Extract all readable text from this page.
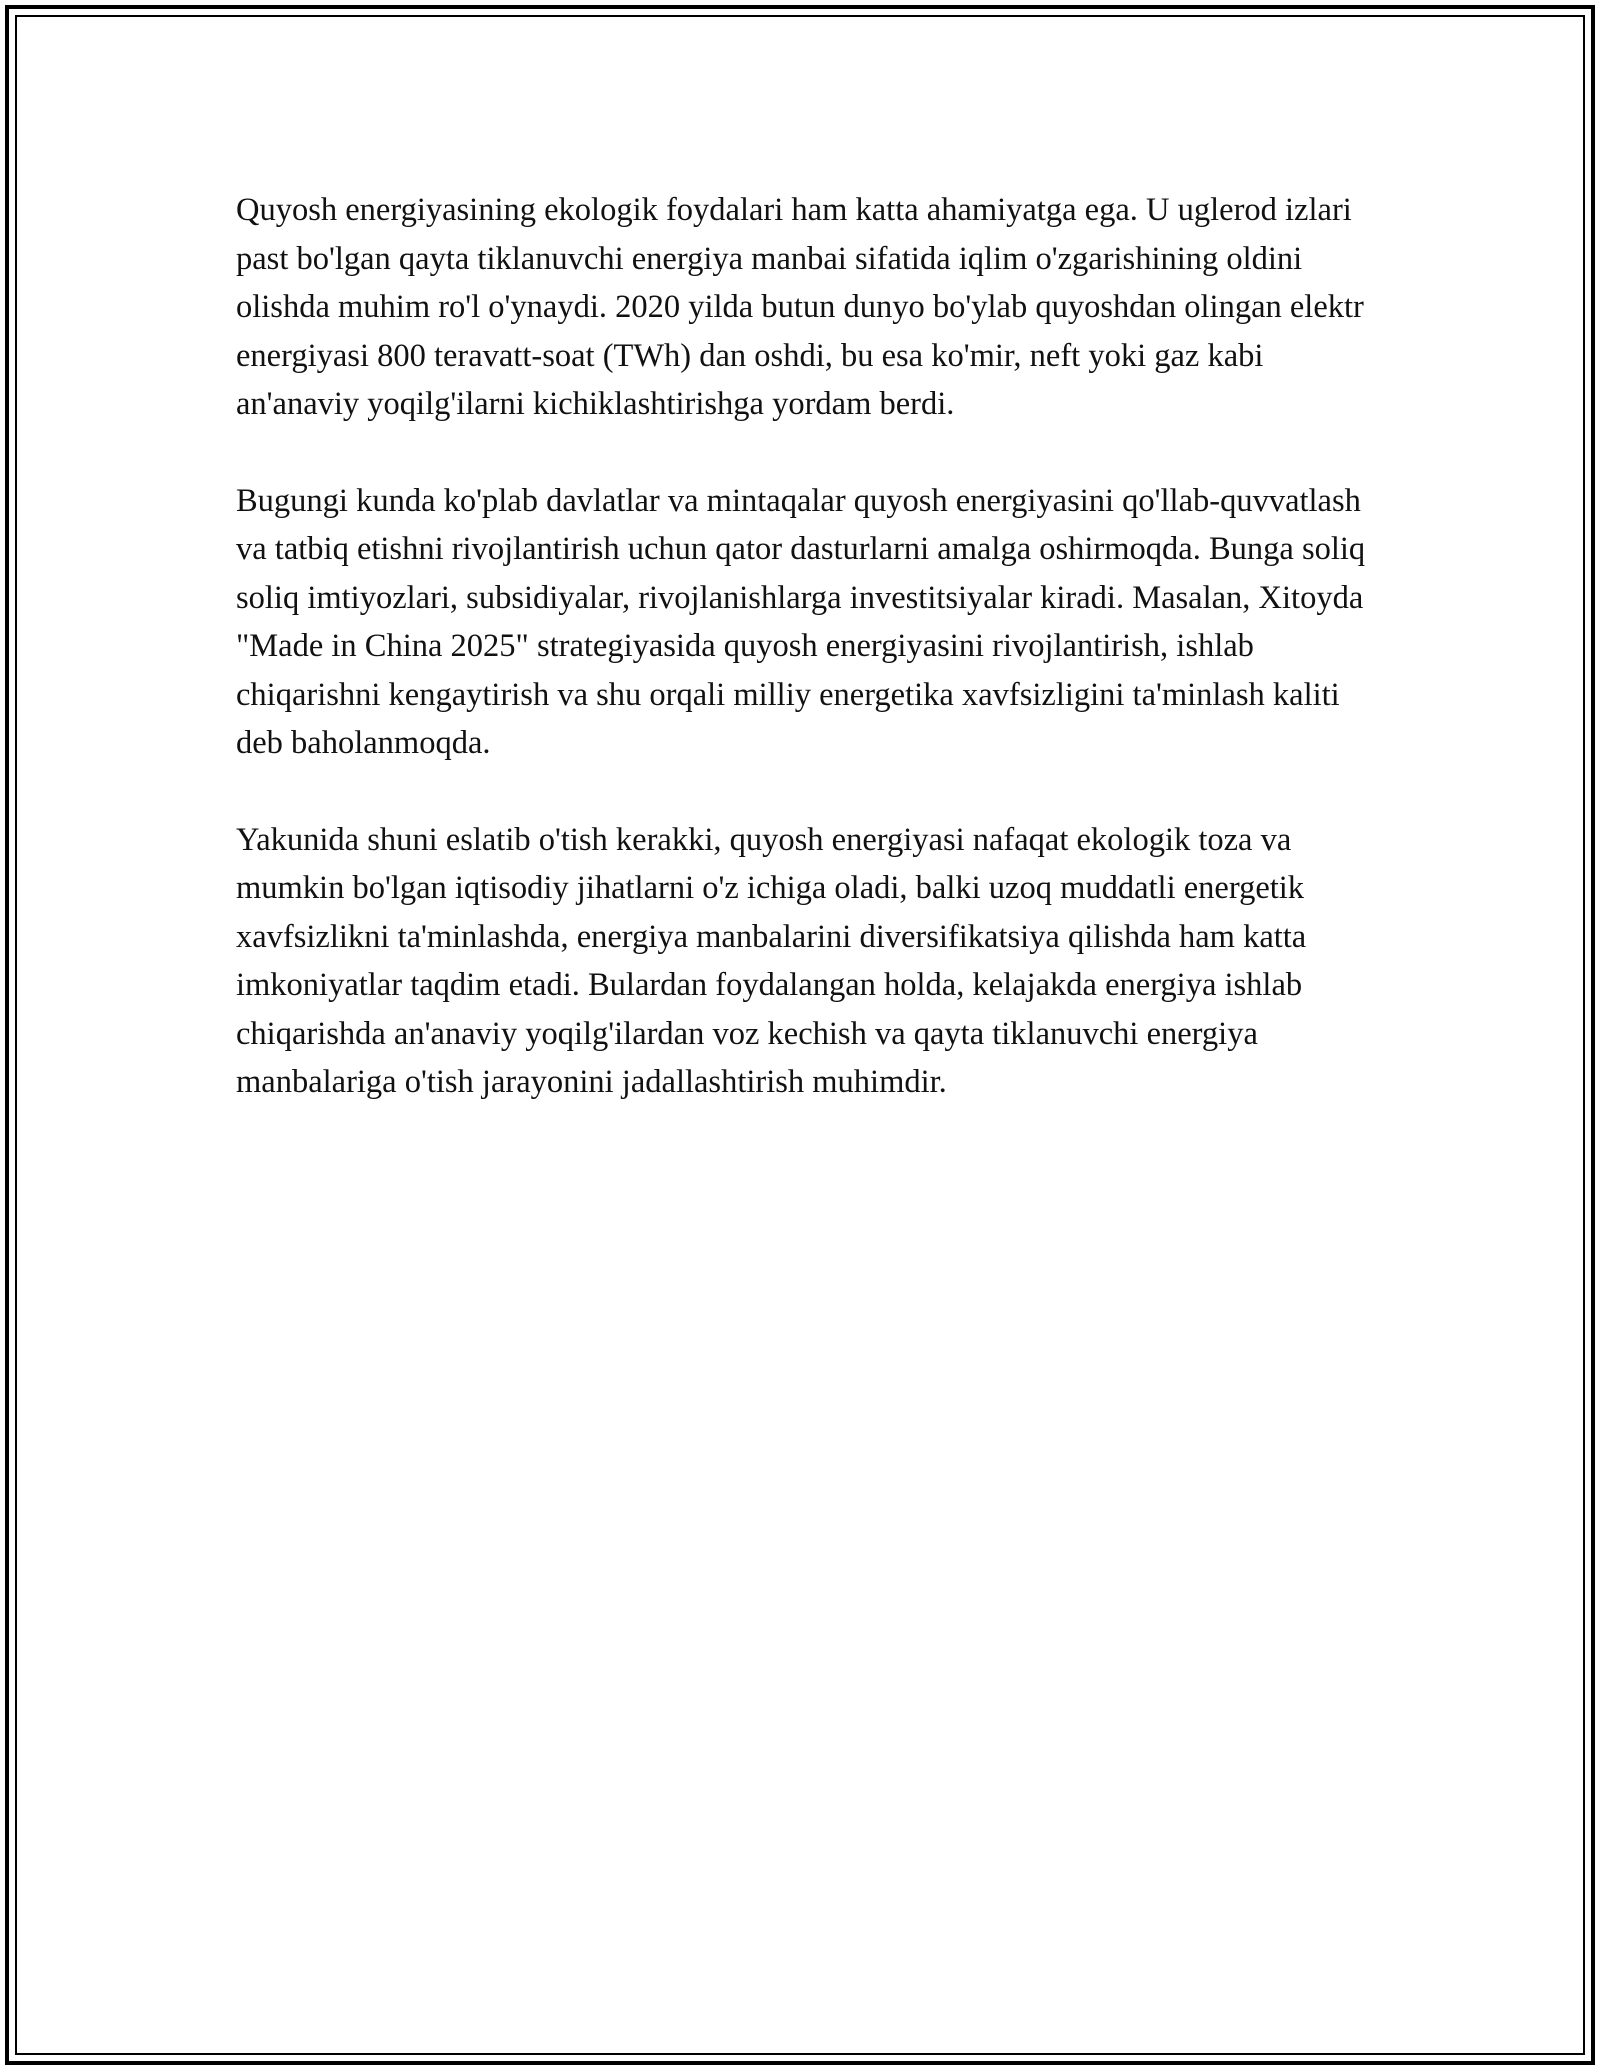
Quyosh energiyasining ekologik foydalari ham katta ahamiyatga ega. U uglerod izlari past bo'lgan qayta tiklanuvchi energiya manbai sifatida iqlim o'zgarishining oldini olishda muhim ro'l o'ynaydi. 2020 yilda butun dunyo bo'ylab quyoshdan olingan elektr energiyasi 800 teravatt-soat (TWh) dan oshdi, bu esa ko'mir, neft yoki gaz kabi an'anaviy yoqilg'ilarni kichiklashtirishga yordam berdi.

Bugungi kunda ko'plab davlatlar va mintaqalar quyosh energiyasini qo'llab-quvvatlash va tatbiq etishni rivojlantirish uchun qator dasturlarni amalga oshirmoqda. Bunga soliq soliq imtiyozlari, subsidiyalar, rivojlanishlarga investitsiyalar kiradi. Masalan, Xitoyda "Made in China 2025" strategiyasida quyosh energiyasini rivojlantirish, ishlab chiqarishni kengaytirish va shu orqali milliy energetika xavfsizligini ta'minlash kaliti deb baholanmoqda.

Yakunida shuni eslatib o'tish kerakki, quyosh energiyasi nafaqat ekologik toza va mumkin bo'lgan iqtisodiy jihatlarni o'z ichiga oladi, balki uzoq muddatli energetik xavfsizlikni ta'minlashda, energiya manbalarini diversifikatsiya qilishda ham katta imkoniyatlar taqdim etadi. Bulardan foydalangan holda, kelajakda energiya ishlab chiqarishda an'anaviy yoqilg'ilardan voz kechish va qayta tiklanuvchi energiya manbalariga o'tish jarayonini jadallashtirish muhimdir.
